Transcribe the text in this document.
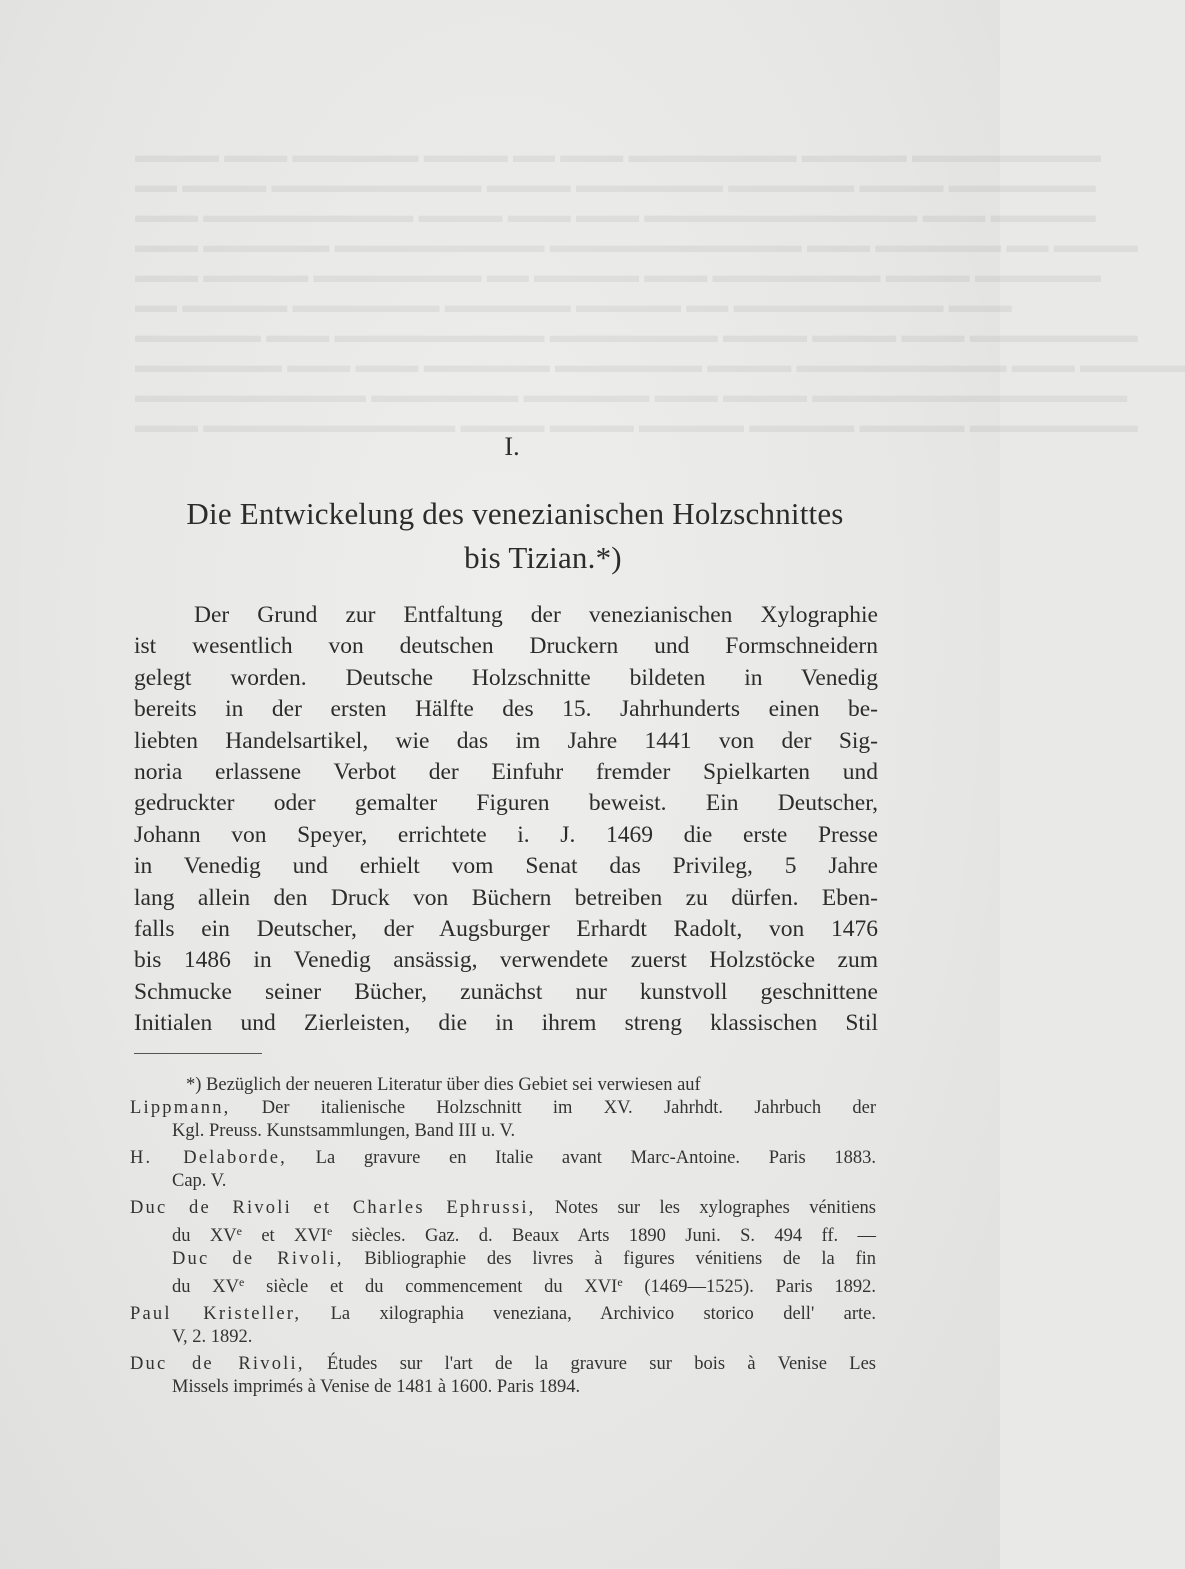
▬▬▬▬ ▬▬▬ ▬▬▬▬▬▬ ▬▬▬▬ ▬▬ ▬▬▬ ▬▬▬▬▬▬▬▬ ▬▬▬▬▬ ▬▬▬▬▬▬▬▬▬
▬▬ ▬▬▬▬ ▬▬▬▬▬▬▬▬▬▬ ▬▬▬▬ ▬▬▬▬▬▬▬ ▬▬▬▬▬▬ ▬▬▬▬ ▬▬▬▬▬▬▬
▬▬▬ ▬▬▬▬▬▬▬▬▬▬ ▬▬▬▬ ▬▬▬ ▬▬▬ ▬▬▬▬▬▬▬▬▬▬▬▬▬ ▬▬▬ ▬▬▬▬▬
▬▬▬ ▬▬▬▬▬▬ ▬▬▬▬▬▬▬▬▬▬ ▬▬▬▬▬▬▬▬▬▬▬▬ ▬▬▬ ▬▬▬▬▬▬ ▬▬ ▬▬▬▬
▬▬▬ ▬▬▬▬▬ ▬▬▬▬▬▬▬▬ ▬▬ ▬▬▬▬▬ ▬▬▬ ▬▬▬▬▬▬▬▬ ▬▬▬▬ ▬▬▬▬▬▬
▬▬ ▬▬▬▬▬ ▬▬▬▬▬▬▬ ▬▬▬▬▬▬ ▬▬▬▬▬ ▬▬ ▬▬▬▬▬▬▬▬▬▬ ▬▬▬
▬▬▬▬▬▬ ▬▬▬ ▬▬▬▬▬▬▬▬▬▬ ▬▬▬▬▬▬▬▬ ▬▬▬▬ ▬▬▬▬ ▬▬▬ ▬▬▬▬▬▬▬▬
▬▬▬▬▬▬▬ ▬▬▬ ▬▬▬ ▬▬▬▬▬▬ ▬▬▬▬▬▬▬ ▬▬▬▬ ▬▬▬▬▬▬▬▬▬▬ ▬▬▬ ▬▬▬▬▬
▬▬▬▬▬▬▬▬▬▬▬ ▬▬▬▬▬▬▬ ▬▬▬▬▬▬ ▬▬▬ ▬▬▬▬ ▬▬▬▬▬▬▬▬▬▬▬▬▬▬▬
▬▬▬ ▬▬▬▬▬▬▬▬▬▬▬▬ ▬▬▬▬ ▬▬▬▬ ▬▬▬▬▬ ▬▬▬▬▬ ▬▬▬▬▬ ▬▬▬▬▬▬▬▬
I.
Die Entwickelung des venezianischen Holzschnittes
bis Tizian.*)
Der Grund zur Entfaltung der venezianischen Xylographie
ist wesentlich von deutschen Druckern und Formschneidern
gelegt worden. Deutsche Holzschnitte bildeten in Venedig
bereits in der ersten Hälfte des 15. Jahrhunderts einen be-
liebten Handelsartikel, wie das im Jahre 1441 von der Sig-
noria erlassene Verbot der Einfuhr fremder Spielkarten und
gedruckter oder gemalter Figuren beweist. Ein Deutscher,
Johann von Speyer, errichtete i. J. 1469 die erste Presse
in Venedig und erhielt vom Senat das Privileg, 5 Jahre
lang allein den Druck von Büchern betreiben zu dürfen. Eben-
falls ein Deutscher, der Augsburger Erhardt Radolt, von 1476
bis 1486 in Venedig ansässig, verwendete zuerst Holzstöcke zum
Schmucke seiner Bücher, zunächst nur kunstvoll geschnittene
Initialen und Zierleisten, die in ihrem streng klassischen Stil
*) Bezüglich der neueren Literatur über dies Gebiet sei verwiesen auf
Lippmann, Der italienische Holzschnitt im XV. Jahrhdt. Jahrbuch der
Kgl. Preuss. Kunstsammlungen, Band III u. V.
H. Delaborde, La gravure en Italie avant Marc-Antoine. Paris 1883.
Cap. V.
Duc de Rivoli et Charles Ephrussi, Notes sur les xylographes vénitiens
du XVe et XVIe siècles. Gaz. d. Beaux Arts 1890 Juni. S. 494 ff. —
Duc de Rivoli, Bibliographie des livres à figures vénitiens de la fin
du XVe siècle et du commencement du XVIe (1469—1525). Paris 1892.
Paul Kristeller, La xilographia veneziana, Archivico storico dell' arte.
V, 2. 1892.
Duc de Rivoli, Études sur l'art de la gravure sur bois à Venise Les
Missels imprimés à Venise de 1481 à 1600. Paris 1894.
